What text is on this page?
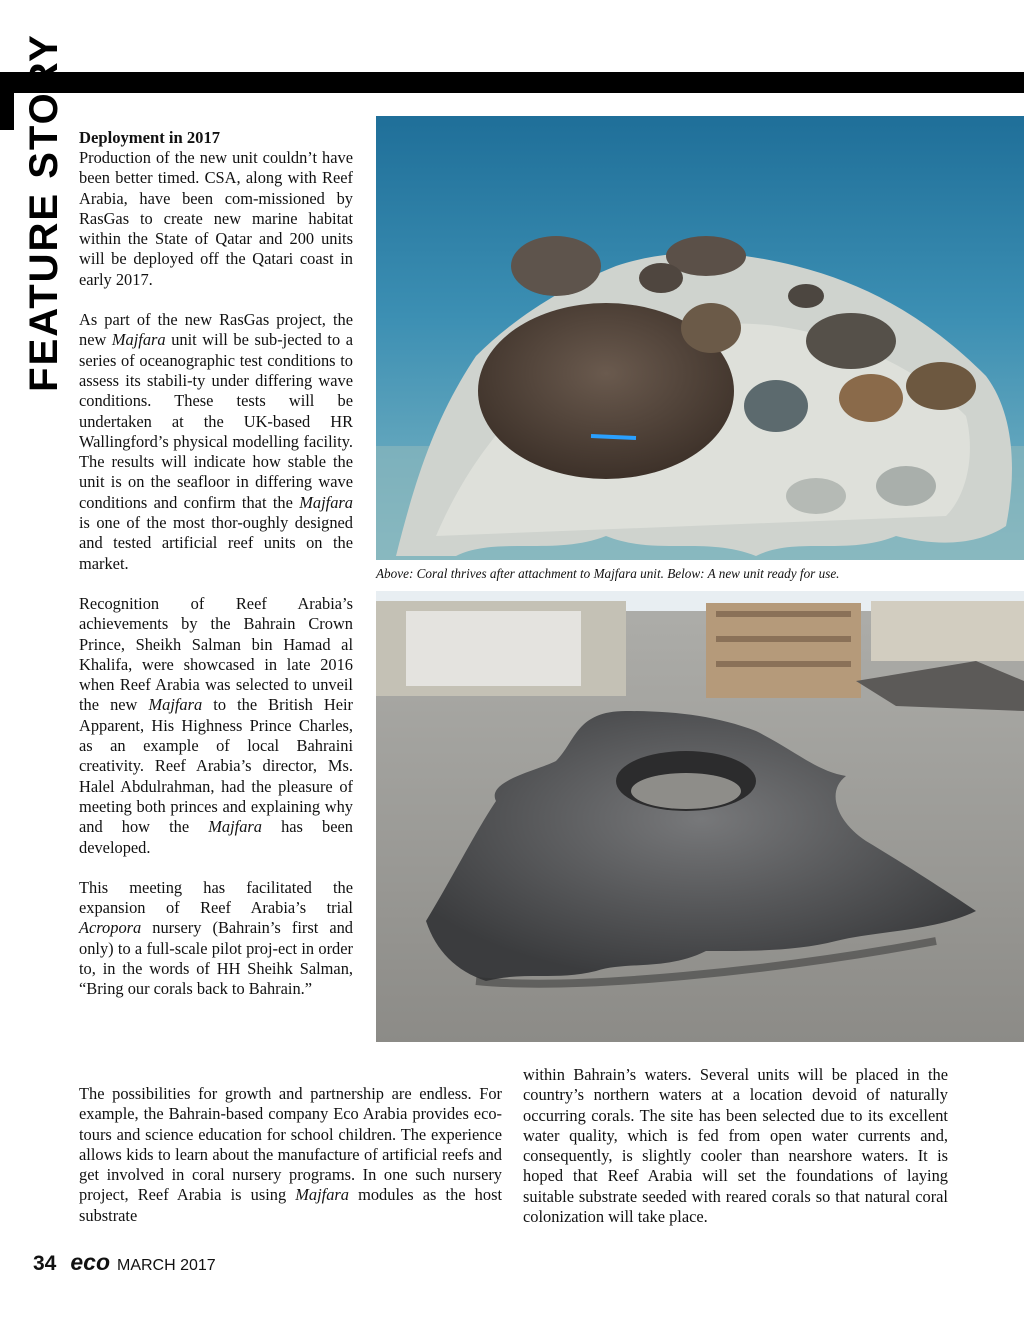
FEATURE STORY Deployment in 2017

Production of the new unit couldn’t have been better timed. CSA, along with Reef Arabia, have been com-missioned by RasGas to create new marine habitat within the State of Qatar and 200 units will be deployed off the Qatari coast in early 2017.

As part of the new RasGas project, the new Majfara unit will be sub-jected to a series of oceanographic test conditions to assess its stabili-ty under differing wave conditions. These tests will be undertaken at the UK-based HR Wallingford’s physical modelling facility. The results will indicate how stable the unit is on the seafloor in differing wave conditions and confirm that the Majfara is one of the most thor-oughly designed and tested artificial reef units on the market.

Recognition of Reef Arabia’s achievements by the Bahrain Crown Prince, Sheikh Salman bin Hamad al Khalifa, were showcased in late 2016 when Reef Arabia was selected to unveil the new Majfara to the British Heir Apparent, His Highness Prince Charles, as an example of local Bahraini creativity. Reef Arabia’s director, Ms. Halel Abdulrahman, had the pleasure of meeting both princes and explaining why and how the Majfara has been developed.

This meeting has facilitated the expansion of Reef Arabia’s trial Acropora nursery (Bahrain’s first and only) to a full-scale pilot proj-ect in order to, in the words of HH Sheihk Salman, “Bring our corals back to Bahrain.”

Above: Coral thrives after attachment to Majfara unit. Below: A new unit ready for use.

The possibilities for growth and partnership are endless. For example, the Bahrain-based company Eco Arabia provides eco-tours and science education for school children. The experience allows kids to learn about the manufacture of artificial reefs and get involved in coral nursery programs. In one such nursery project, Reef Arabia is using Majfara modules as the host substrate

within Bahrain’s waters. Several units will be placed in the country’s northern waters at a location devoid of naturally occurring corals. The site has been selected due to its excellent water quality, which is fed from open water currents and, consequently, is slightly cooler than nearshore waters. It is hoped that Reef Arabia will set the foundations of laying suitable substrate seeded with reared corals so that natural coral colonization will take place.

34 eco MARCH 2017
